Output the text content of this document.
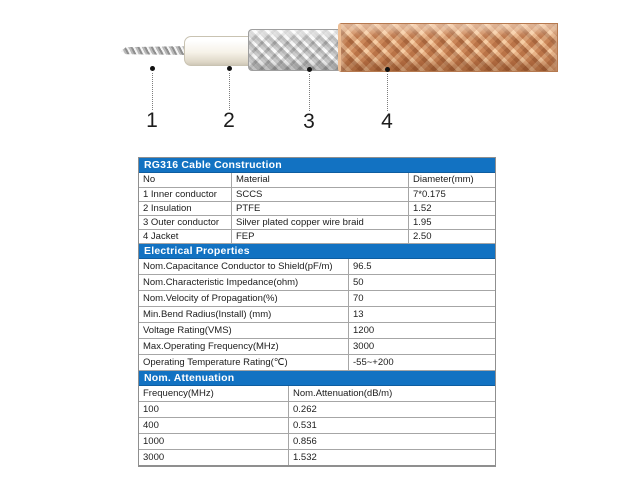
1	2	3	4
RG316 Cable Construction
No	Material	Diameter(mm)
1 Inner conductor	SCCS	7*0.175
2 Insulation	PTFE	1.52
3 Outer conductor	Silver plated copper wire braid	1.95
4 Jacket	FEP	2.50
Electrical Properties
Nom.Capacitance Conductor to Shield(pF/m)	96.5
Nom.Characteristic Impedance(ohm)	50
Nom.Velocity of Propagation(%)	70
Min.Bend Radius(Install) (mm)	13
Voltage Rating(VMS)	1200
Max.Operating Frequency(MHz)	3000
Operating Temperature Rating(℃)	-55~+200
Nom. Attenuation
Frequency(MHz)	Nom.Attenuation(dB/m)
100	0.262
400	0.531
1000	0.856
3000	1.532
